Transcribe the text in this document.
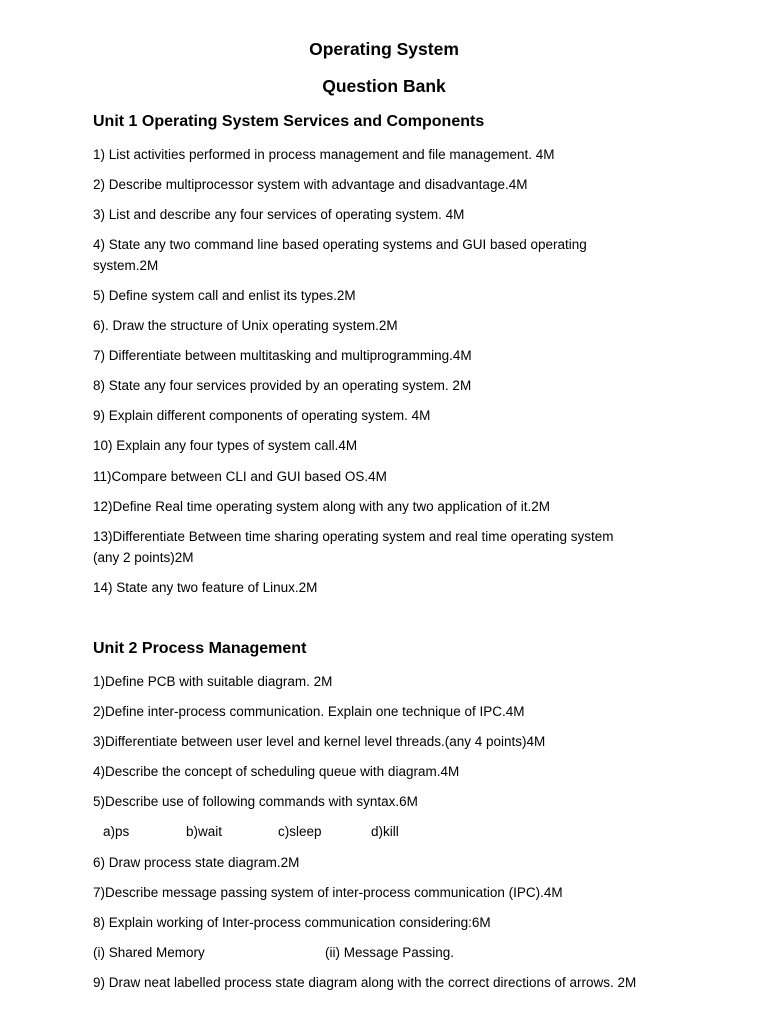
Operating System

Question Bank

Unit 1 Operating System Services and Components

1) List activities performed in process management and file management. 4M

2) Describe multiprocessor system with advantage and disadvantage.4M

3) List and describe any four services of operating system. 4M

4) State any two command line based operating systems and GUI based operating

system.2M

5) Define system call and enlist its types.2M

6). Draw the structure of Unix operating system.2M

7) Differentiate between multitasking and multiprogramming.4M

8) State any four services provided by an operating system. 2M

9) Explain different components of operating system. 4M

10) Explain any four types of system call.4M

11)Compare between CLI and GUI based OS.4M

12)Define Real time operating system along with any two application of it.2M

13)Differentiate Between time sharing operating system and real time operating system

(any 2 points)2M

14) State any two feature of Linux.2M

Unit 2 Process Management

1)Define PCB with suitable diagram. 2M

2)Define inter-process communication. Explain one technique of IPC.4M

3)Differentiate between user level and kernel level threads.(any 4 points)4M

4)Describe the concept of scheduling queue with diagram.4M

5)Describe use of following commands with syntax.6M

a)ps	b)wait	c)sleep	d)kill

6) Draw process state diagram.2M

7)Describe message passing system of inter-process communication (IPC).4M

8) Explain working of Inter-process communication considering:6M

(i) Shared Memory	(ii) Message Passing.

9) Draw neat labelled process state diagram along with the correct directions of arrows. 2M
